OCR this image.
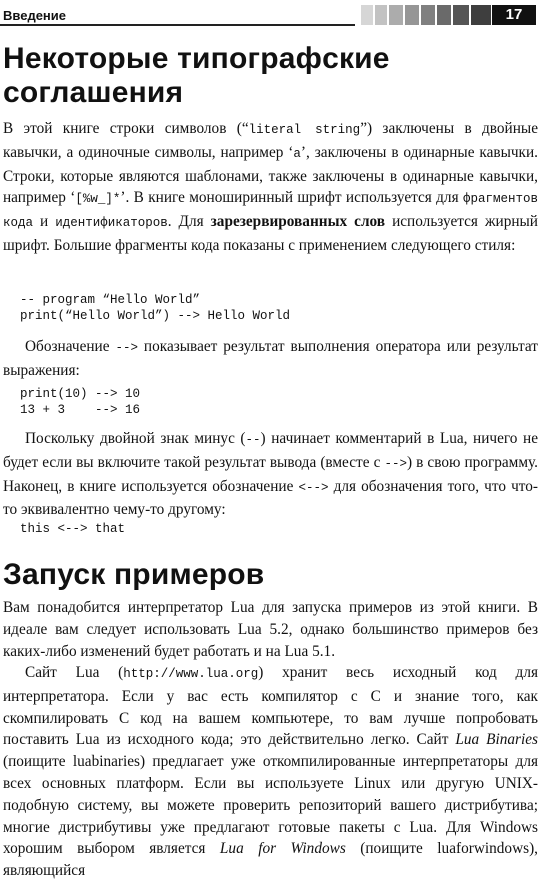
Введение	17
Некоторые типографские
соглашения

В этой книге строки символов (“literal string”) заключены в двойные кавычки, а одиночные символы, например ‘a’, заключены в одинарные кавычки. Строки, которые являются шаблонами, также заключены в одинарные кавычки, например ‘[%w_]*’. В книге моноширинный шрифт используется для фрагментов кода и идентификаторов. Для зарезервированных слов используется жирный шрифт. Большие фрагменты кода показаны с применением следующего стиля:

-- program “Hello World”
print(“Hello World”) --> Hello World

Обозначение --> показывает результат выполнения оператора или результат выражения:

print(10) --> 10
13 + 3    --> 16

Поскольку двойной знак минус (--) начинает комментарий в Lua, ничего не будет если вы включите такой результат вывода (вместе с -->) в свою программу. Наконец, в книге используется обозначение <--> для обозначения того, что что-то эквивалентно чему-то другому:

this <--> that
Запуск примеров

Вам понадобится интерпретатор Lua для запуска примеров из этой книги. В идеале вам следует использовать Lua 5.2, однако большинство примеров без каких-либо изменений будет работать и на Lua 5.1.

Сайт Lua (http://www.lua.org) хранит весь исходный код для интерпретатора. Если у вас есть компилятор с C и знание того, как скомпилировать C код на вашем компьютере, то вам лучше попробовать поставить Lua из исходного кода; это действительно легко. Сайт Lua Binaries (поищите luabinaries) предлагает уже откомпилированные интерпретаторы для всех основных платформ. Если вы используете Linux или другую UNIX-подобную систему, вы можете проверить репозиторий вашего дистрибутива; многие дистрибутивы уже предлагают готовые пакеты с Lua. Для Windows хорошим выбором является Lua for Windows (поищите luaforwindows), являющийся
